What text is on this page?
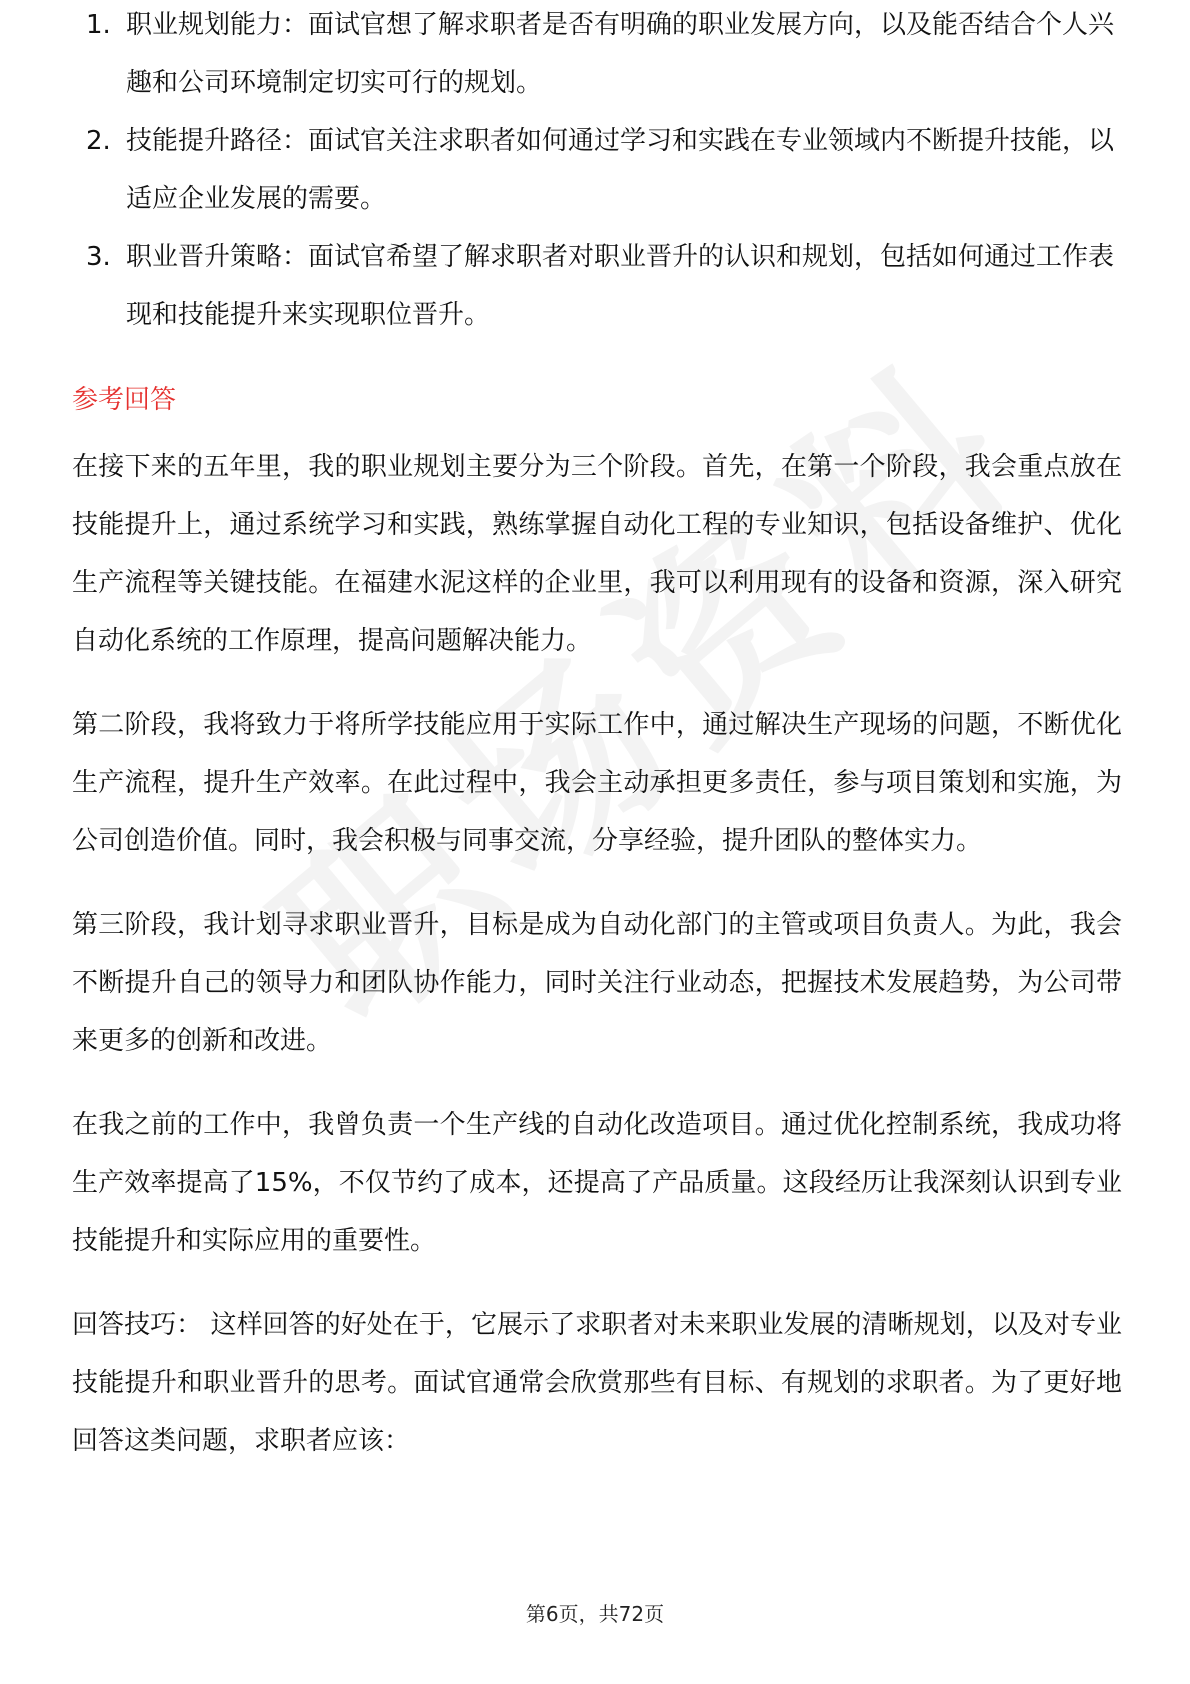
1. 职业规划能力：面试官想了解求职者是否有明确的职业发展方向，以及能否结合个人兴趣和公司环境制定切实可行的规划。
2. 技能提升路径：面试官关注求职者如何通过学习和实践在专业领域内不断提升技能，以适应企业发展的需要。
3. 职业晋升策略：面试官希望了解求职者对职业晋升的认识和规划，包括如何通过工作表现和技能提升来实现职位晋升。
参考回答

在接下来的五年里，我的职业规划主要分为三个阶段。首先，在第一个阶段，我会重点放在技能提升上，通过系统学习和实践，熟练掌握自动化工程的专业知识，包括设备维护、优化生产流程等关键技能。在福建水泥这样的企业里，我可以利用现有的设备和资源，深入研究自动化系统的工作原理，提高问题解决能力。

第二阶段，我将致力于将所学技能应用于实际工作中，通过解决生产现场的问题，不断优化生产流程，提升生产效率。在此过程中，我会主动承担更多责任，参与项目策划和实施，为公司创造价值。同时，我会积极与同事交流，分享经验，提升团队的整体实力。

第三阶段，我计划寻求职业晋升，目标是成为自动化部门的主管或项目负责人。为此，我会不断提升自己的领导力和团队协作能力，同时关注行业动态，把握技术发展趋势，为公司带来更多的创新和改进。

在我之前的工作中，我曾负责一个生产线的自动化改造项目。通过优化控制系统，我成功将生产效率提高了15%，不仅节约了成本，还提高了产品质量。这段经历让我深刻认识到专业技能提升和实际应用的重要性。

回答技巧： 这样回答的好处在于，它展示了求职者对未来职业发展的清晰规划，以及对专业技能提升和职业晋升的思考。面试官通常会欣赏那些有目标、有规划的求职者。为了更好地回答这类问题，求职者应该：

第6页，共72页
